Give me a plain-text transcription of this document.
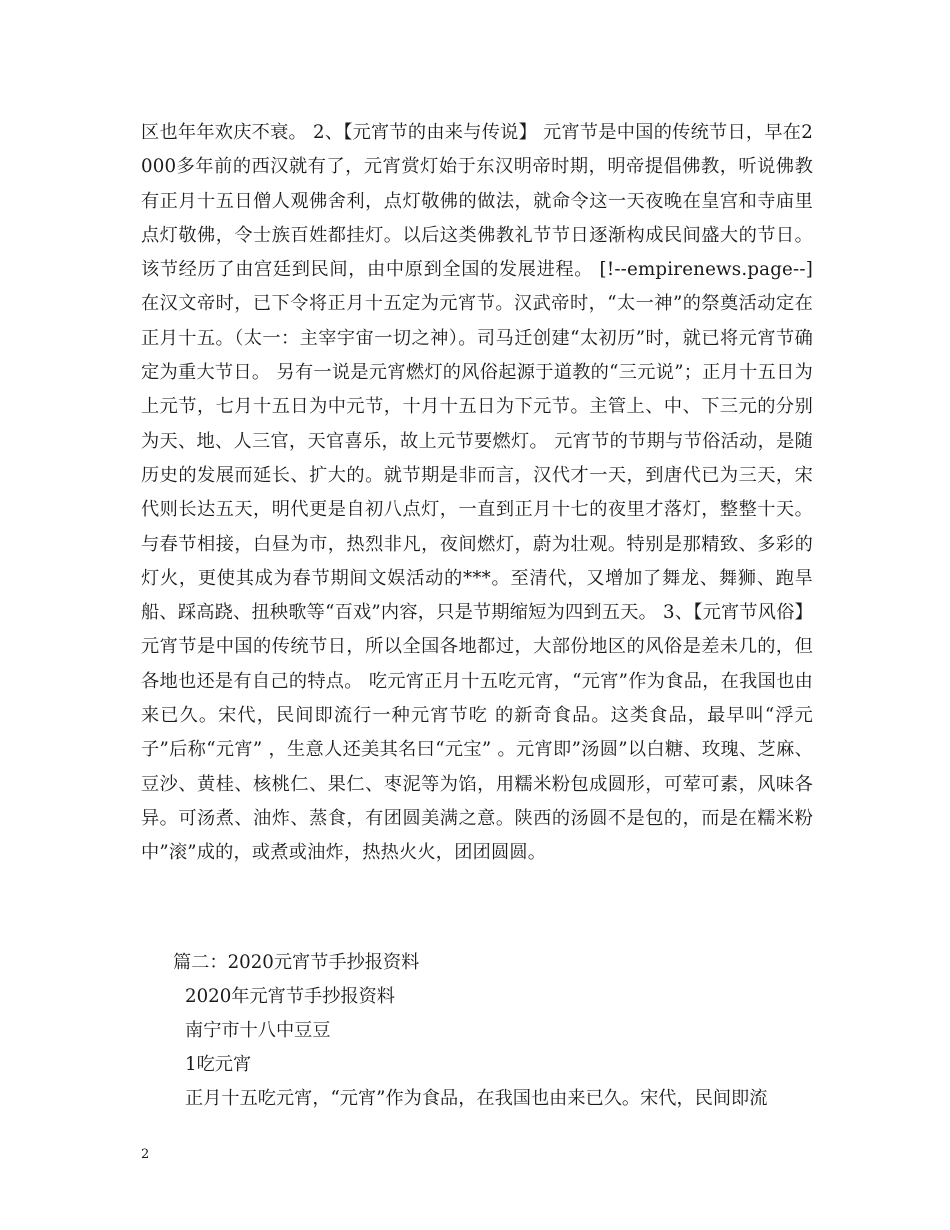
区也年年欢庆不衰。 2、【元宵节的由来与传说】 元宵节是中国的传统节日，早在2000多年前的西汉就有了，元宵赏灯始于东汉明帝时期，明帝提倡佛教，听说佛教有正月十五日僧人观佛舍利，点灯敬佛的做法，就命令这一天夜晚在皇宫和寺庙里点灯敬佛，令士族百姓都挂灯。以后这类佛教礼节节日逐渐构成民间盛大的节日。该节经历了由宫廷到民间，由中原到全国的发展进程。 [!--empirenews.page--]在汉文帝时，已下令将正月十五定为元宵节。汉武帝时，“太一神”的祭奠活动定在正月十五。（太一：主宰宇宙一切之神）。司马迁创建“太初历”时，就已将元宵节确定为重大节日。 另有一说是元宵燃灯的风俗起源于道教的“三元说”；正月十五日为上元节，七月十五日为中元节，十月十五日为下元节。主管上、中、下三元的分别为天、地、人三官，天官喜乐，故上元节要燃灯。 元宵节的节期与节俗活动，是随历史的发展而延长、扩大的。就节期是非而言，汉代才一天，到唐代已为三天，宋代则长达五天，明代更是自初八点灯，一直到正月十七的夜里才落灯，整整十天。与春节相接，白昼为市，热烈非凡，夜间燃灯，蔚为壮观。特别是那精致、多彩的灯火，更使其成为春节期间文娱活动的***。至清代，又增加了舞龙、舞狮、跑旱船、踩高跷、扭秧歌等“百戏”内容，只是节期缩短为四到五天。 3、【元宵节风俗】 元宵节是中国的传统节日，所以全国各地都过，大部份地区的风俗是差未几的，但各地也还是有自己的特点。 吃元宵正月十五吃元宵，“元宵”作为食品，在我国也由来已久。宋代，民间即流行一种元宵节吃 的新奇食品。这类食品，最早叫“浮元子”后称“元宵” ，生意人还美其名曰“元宝” 。元宵即”汤圆”以白糖、玫瑰、芝麻、豆沙、黄桂、核桃仁、果仁、枣泥等为馅，用糯米粉包成圆形，可荤可素，风味各异。可汤煮、油炸、蒸食，有团圆美满之意。陕西的汤圆不是包的，而是在糯米粉中”滚”成的，或煮或油炸，热热火火，团团圆圆。
篇二：2020元宵节手抄报资料
2020年元宵节手抄报资料
南宁市十八中豆豆
1吃元宵
正月十五吃元宵，“元宵”作为食品，在我国也由来已久。宋代，民间即流
2
